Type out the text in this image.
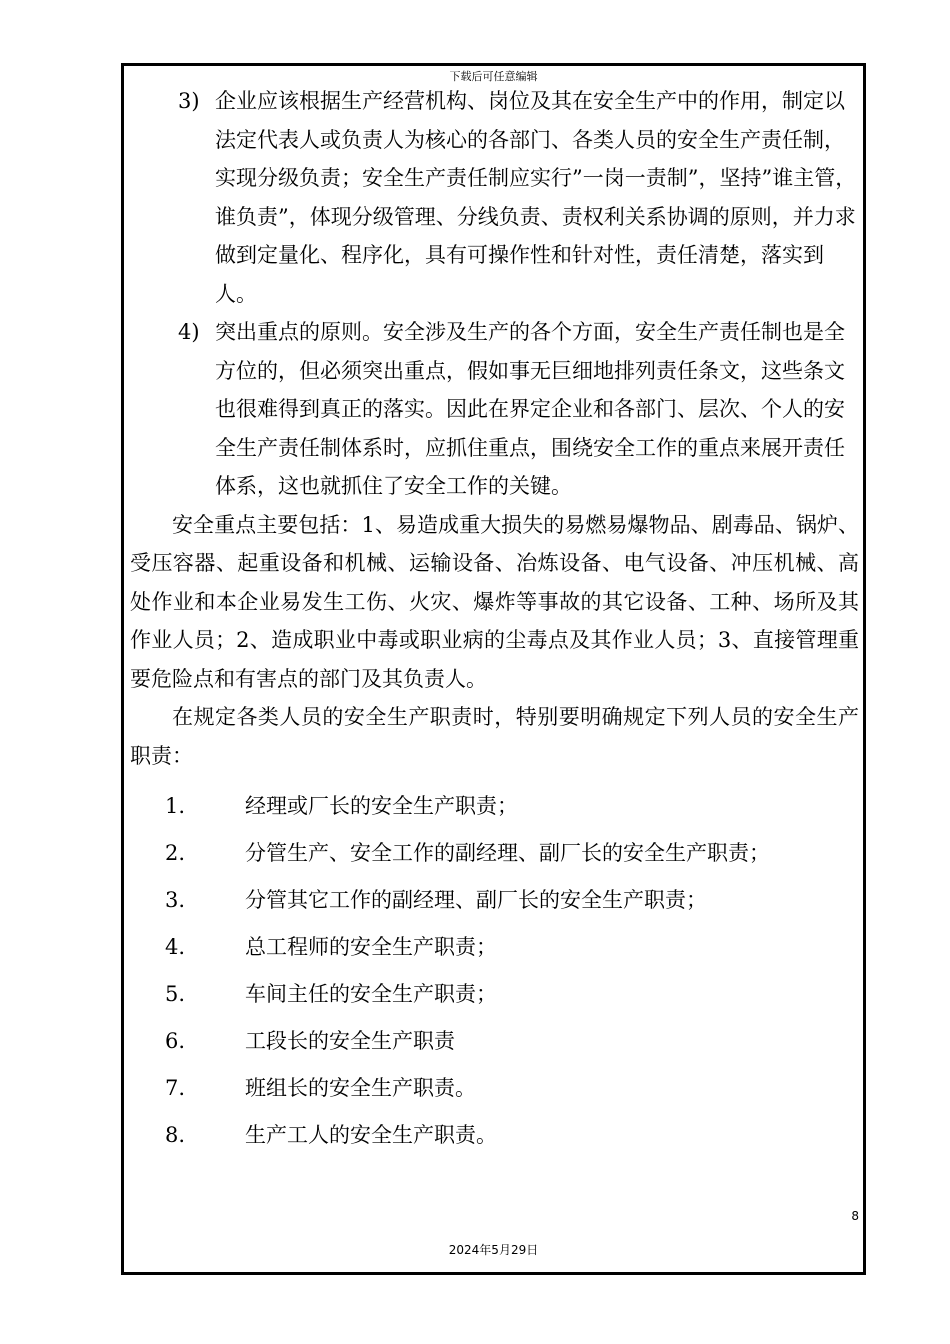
下载后可任意编辑
3) 企业应该根据生产经营机构、岗位及其在安全生产中的作用，制定以法定代表人或负责人为核心的各部门、各类人员的安全生产责任制，实现分级负责；安全生产责任制应实行”一岗一责制”，坚持”谁主管，谁负责”，体现分级管理、分线负责、责权利关系协调的原则，并力求做到定量化、程序化，具有可操作性和针对性，责任清楚，落实到人。
4) 突出重点的原则。安全涉及生产的各个方面，安全生产责任制也是全方位的，但必须突出重点，假如事无巨细地排列责任条文，这些条文也很难得到真正的落实。因此在界定企业和各部门、层次、个人的安全生产责任制体系时，应抓住重点，围绕安全工作的重点来展开责任体系，这也就抓住了安全工作的关键。
安全重点主要包括：1、易造成重大损失的易燃易爆物品、剧毒品、锅炉、受压容器、起重设备和机械、运输设备、冶炼设备、电气设备、冲压机械、高处作业和本企业易发生工伤、火灾、爆炸等事故的其它设备、工种、场所及其作业人员；2、造成职业中毒或职业病的尘毒点及其作业人员；3、直接管理重要危险点和有害点的部门及其负责人。
在规定各类人员的安全生产职责时，特别要明确规定下列人员的安全生产职责：
1.	经理或厂长的安全生产职责；
2.	分管生产、安全工作的副经理、副厂长的安全生产职责；
3.	分管其它工作的副经理、副厂长的安全生产职责；
4.	总工程师的安全生产职责；
5.	车间主任的安全生产职责；
6.	工段长的安全生产职责
7.	班组长的安全生产职责。
8.	生产工人的安全生产职责。
8
2024年5月29日
